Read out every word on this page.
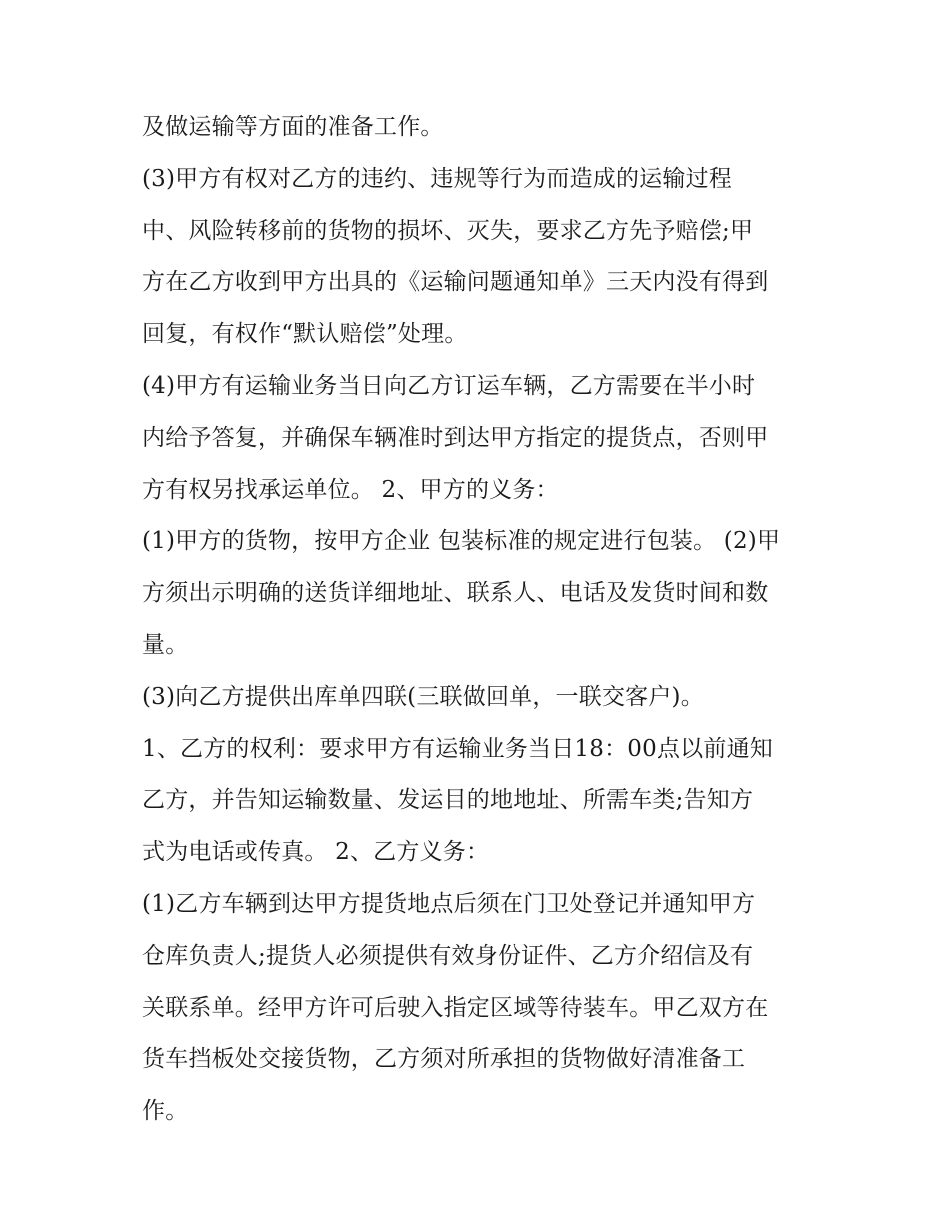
及做运输等方面的准备工作。
(3)甲方有权对乙方的违约、违规等行为而造成的运输过程
中、风险转移前的货物的损坏、灭失，要求乙方先予赔偿;甲
方在乙方收到甲方出具的《运输问题通知单》三天内没有得到
回复，有权作“默认赔偿”处理。
(4)甲方有运输业务当日向乙方订运车辆，乙方需要在半小时
内给予答复，并确保车辆准时到达甲方指定的提货点，否则甲
方有权另找承运单位。 2、甲方的义务：
(1)甲方的货物，按甲方企业 包装标准的规定进行包装。 (2)甲
方须出示明确的送货详细地址、联系人、电话及发货时间和数
量。
(3)向乙方提供出库单四联(三联做回单，一联交客户)。
1、乙方的权利：要求甲方有运输业务当日18：00点以前通知
乙方，并告知运输数量、发运目的地地址、所需车类;告知方
式为电话或传真。 2、乙方义务：
(1)乙方车辆到达甲方提货地点后须在门卫处登记并通知甲方
仓库负责人;提货人必须提供有效身份证件、乙方介绍信及有
关联系单。经甲方许可后驶入指定区域等待装车。甲乙双方在
货车挡板处交接货物，乙方须对所承担的货物做好清准备工
作。
